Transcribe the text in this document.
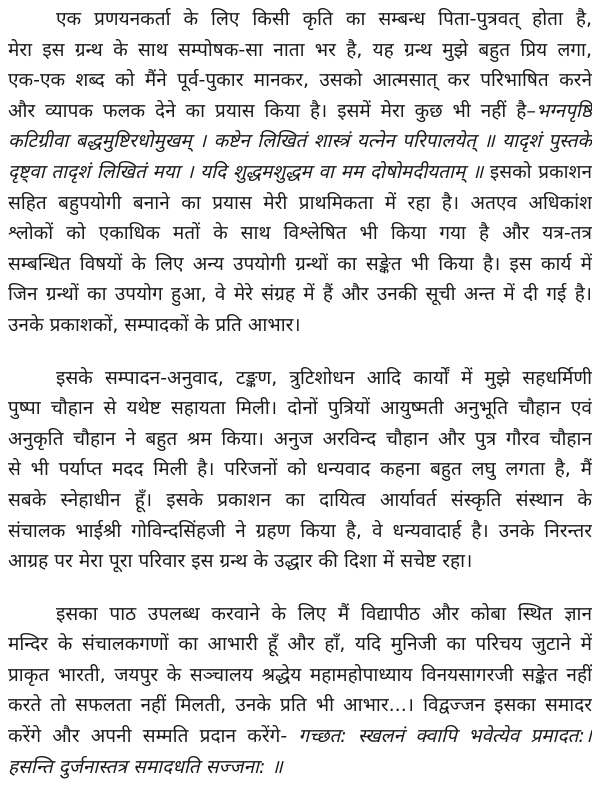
एक प्रणयनकर्ता के लिए किसी कृति का सम्बन्ध पिता-पुत्रवत् होता है,
मेरा इस ग्रन्थ के साथ सम्पोषक-सा नाता भर है, यह ग्रन्थ मुझे बहुत प्रिय लगा,
एक-एक शब्द को मैंने पूर्व-पुकार मानकर, उसको आत्मसात् कर परिभाषित करने
और व्यापक फलक देने का प्रयास किया है। इसमें मेरा कुछ भी नहीं है–भग्नपृष्ठि
कटिग्रीवा बद्धमुष्टिरधोमुखम् । कष्टेन लिखितं शास्त्रं यत्नेन परिपालयेत् ॥ यादृशं पुस्तके
दृष्ट्वा तादृशं लिखितं मया । यदि शुद्धमशुद्धम वा मम दोषोमदीयताम् ॥ इसको प्रकाशन
सहित बहुपयोगी बनाने का प्रयास मेरी प्राथमिकता में रहा है। अतएव अधिकांश
श्लोकों को एकाधिक मतों के साथ विश्लेषित भी किया गया है और यत्र-तत्र
सम्बन्धित विषयों के लिए अन्य उपयोगी ग्रन्थों का सङ्केत भी किया है। इस कार्य में
जिन ग्रन्थों का उपयोग हुआ, वे मेरे संग्रह में हैं और उनकी सूची अन्त में दी गई है।
उनके प्रकाशकों, सम्पादकों के प्रति आभार।
इसके सम्पादन-अनुवाद, टङ्कण, त्रुटिशोधन आदि कार्यों में मुझे सहधर्मिणी
पुष्पा चौहान से यथेष्ट सहायता मिली। दोनों पुत्रियों आयुष्मती अनुभूति चौहान एवं
अनुकृति चौहान ने बहुत श्रम किया। अनुज अरविन्द चौहान और पुत्र गौरव चौहान
से भी पर्याप्त मदद मिली है। परिजनों को धन्यवाद कहना बहुत लघु लगता है, मैं
सबके स्नेहाधीन हूँ। इसके प्रकाशन का दायित्व आर्यावर्त संस्कृति संस्थान के
संचालक भाईश्री गोविन्दसिंहजी ने ग्रहण किया है, वे धन्यवादार्ह है। उनके निरन्तर
आग्रह पर मेरा पूरा परिवार इस ग्रन्थ के उद्धार की दिशा में सचेष्ट रहा।
इसका पाठ उपलब्ध करवाने के लिए मैं विद्यापीठ और कोबा स्थित ज्ञान
मन्दिर के संचालकगणों का आभारी हूँ और हाँ, यदि मुनिजी का परिचय जुटाने में
प्राकृत भारती, जयपुर के सञ्चालय श्रद्धेय महामहोपाध्याय विनयसागरजी सङ्केत नहीं
करते तो सफलता नहीं मिलती, उनके प्रति भी आभार...। विद्वज्जन इसका समादर
करेंगे और अपनी सम्मति प्रदान करेंगे- गच्छत: स्खलनं क्वापि भवेत्येव प्रमादत:।
हसन्ति दुर्जनास्तत्र समादधति सज्जना: ॥
